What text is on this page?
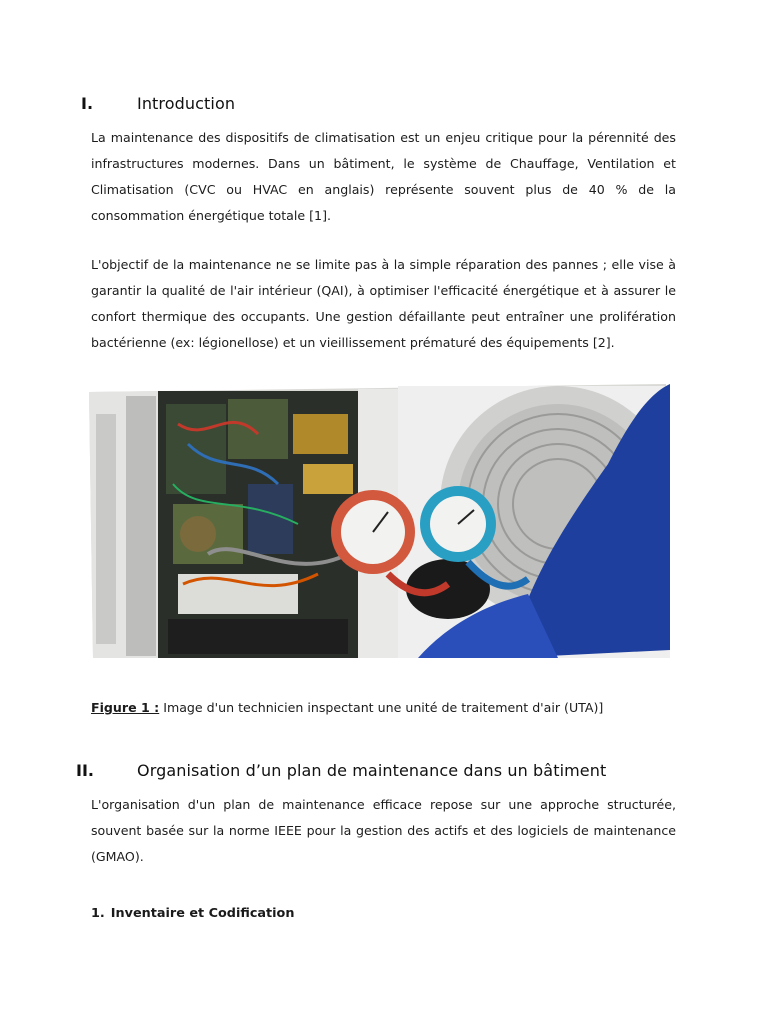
I.	Introduction

La maintenance des dispositifs de climatisation est un enjeu critique pour la pérennité des infrastructures modernes. Dans un bâtiment, le système de Chauffage, Ventilation et Climatisation (CVC ou HVAC en anglais) représente souvent plus de 40 % de la consommation énergétique totale [1].

L'objectif de la maintenance ne se limite pas à la simple réparation des pannes ; elle vise à garantir la qualité de l'air intérieur (QAI), à optimiser l'efficacité énergétique et à assurer le confort thermique des occupants. Une gestion défaillante peut entraîner une prolifération bactérienne (ex: légionellose) et un vieillissement prématuré des équipements [2].

Figure 1 : Image d'un technicien inspectant une unité de traitement d'air (UTA)]
II.	Organisation d’un plan de maintenance dans un bâtiment

L'organisation d'un plan de maintenance efficace repose sur une approche structurée, souvent basée sur la norme IEEE pour la gestion des actifs et des logiciels de maintenance (GMAO).

1. Inventaire et Codification
